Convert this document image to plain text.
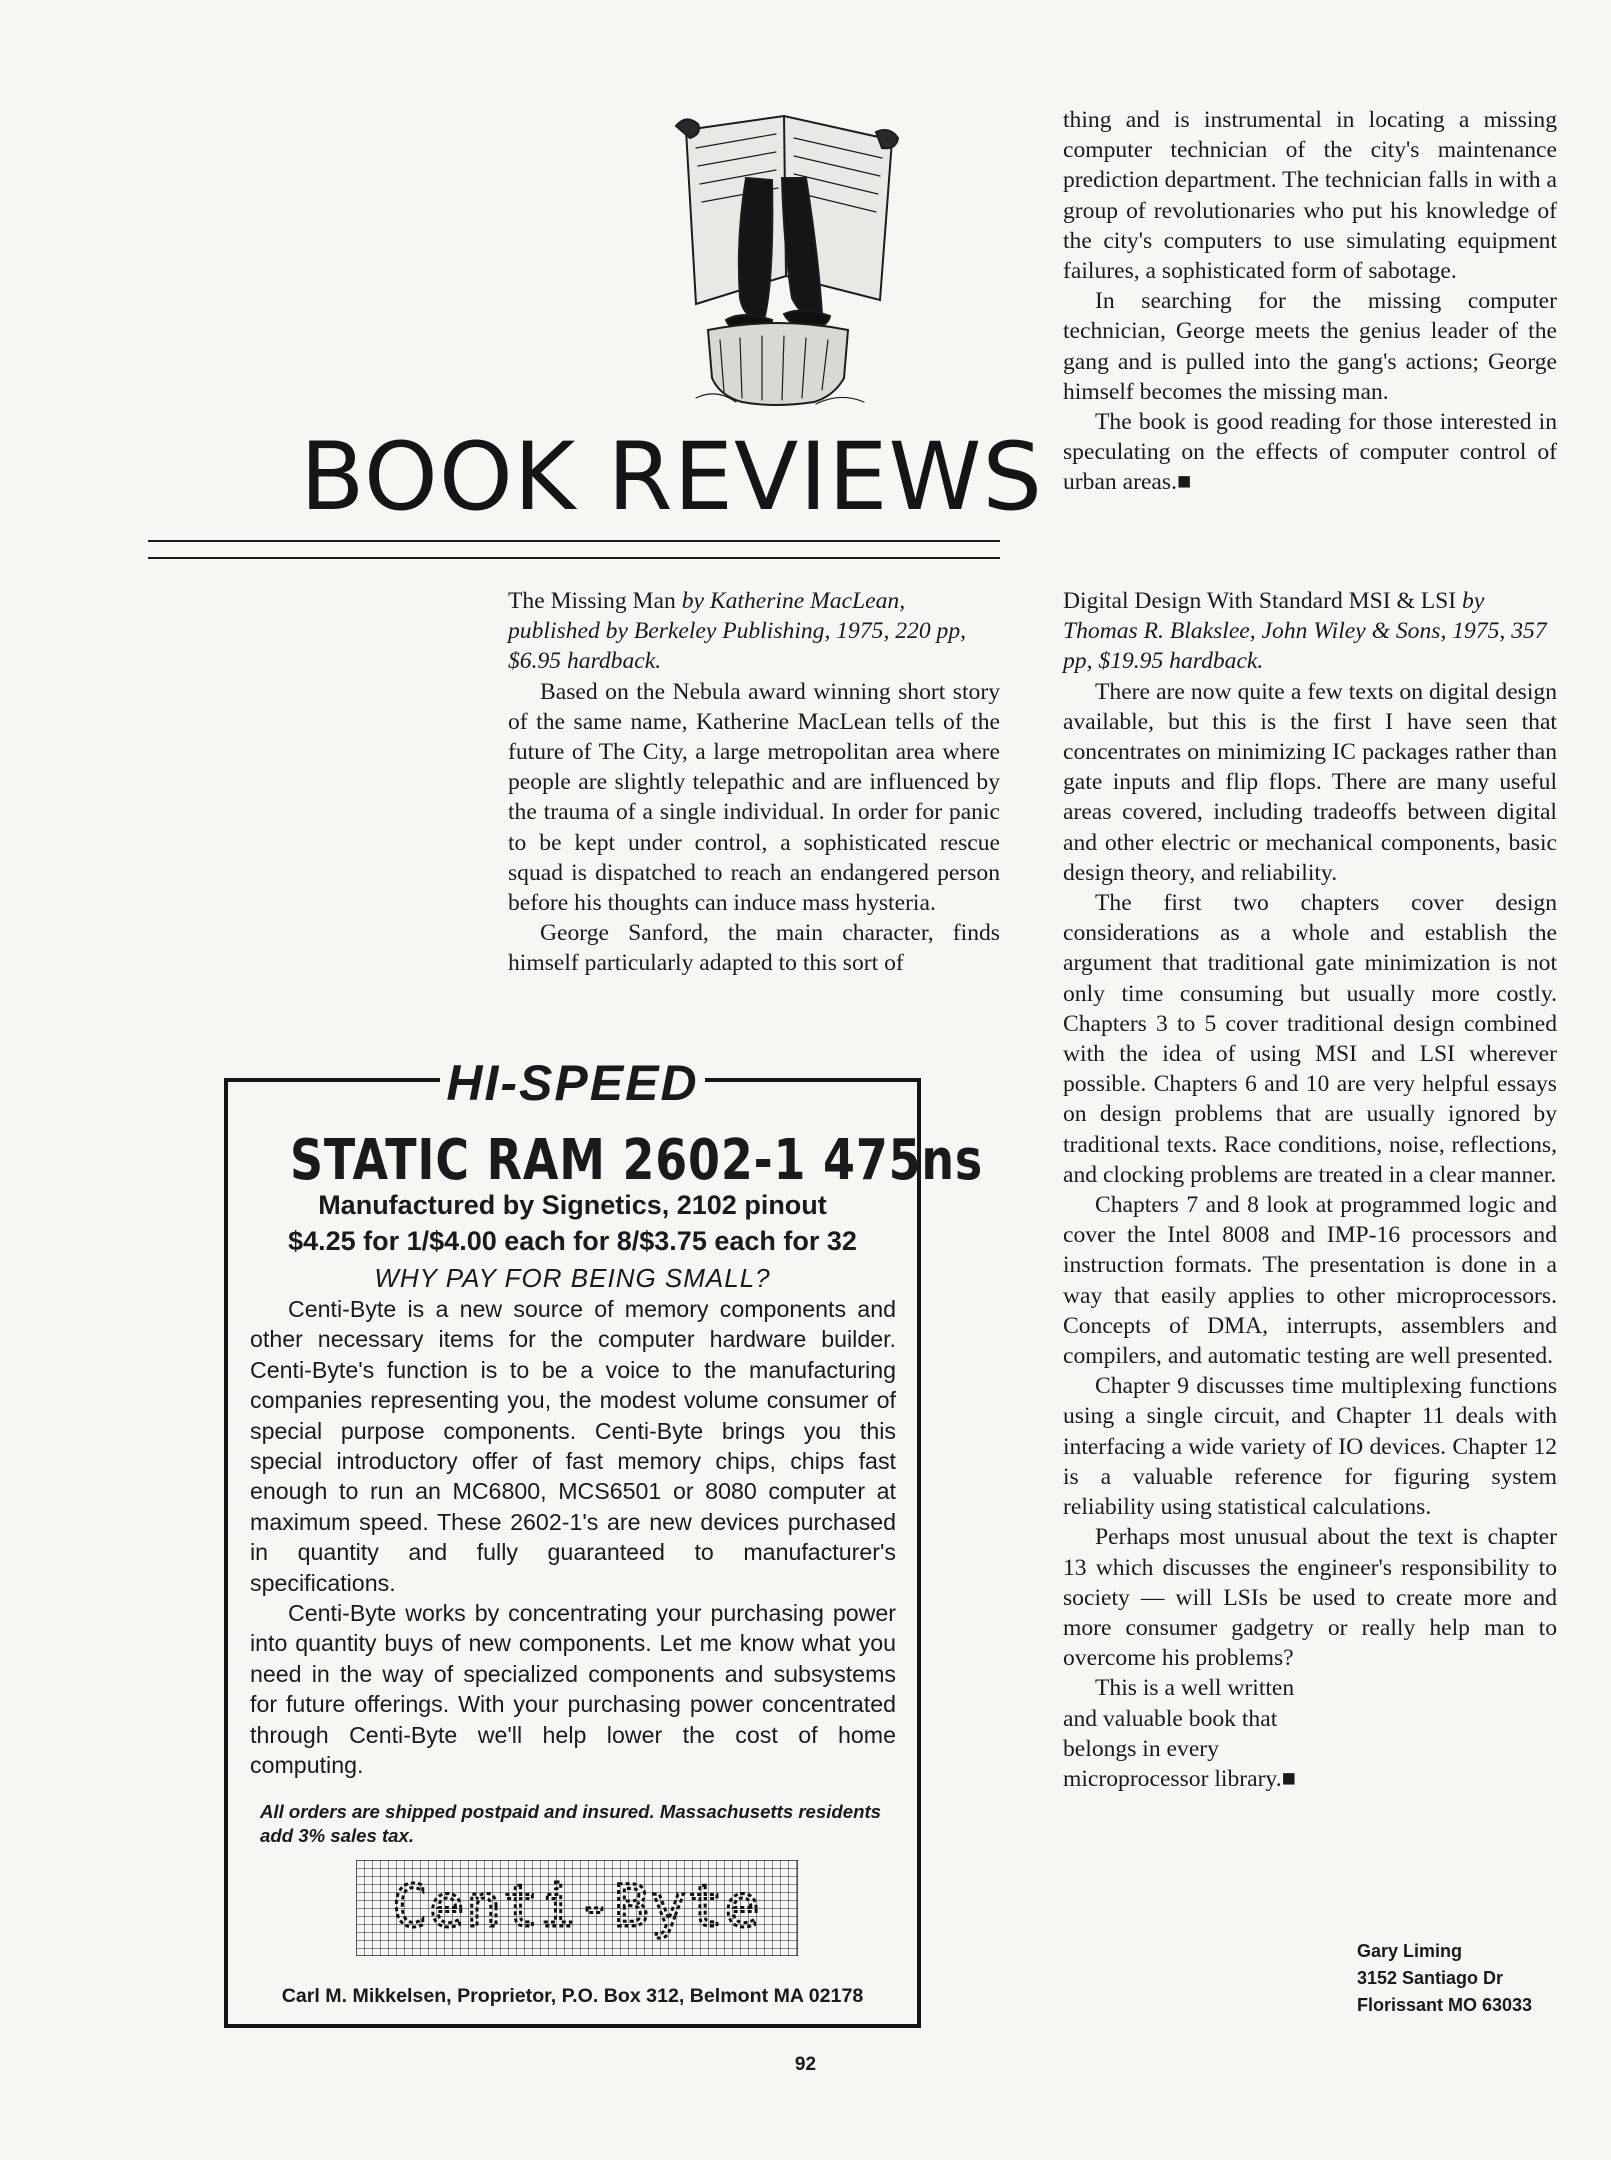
BOOK REVIEWS

The Missing Man by Katherine MacLean, published by Berkeley Publishing, 1975, 220 pp, $6.95 hardback.

Based on the Nebula award winning short story of the same name, Katherine MacLean tells of the future of The City, a large metropolitan area where people are slightly telepathic and are influenced by the trauma of a single individual. In order for panic to be kept under control, a sophisticated rescue squad is dispatched to reach an endangered person before his thoughts can induce mass hysteria.

George Sanford, the main character, finds himself particularly adapted to this sort of

thing and is instrumental in locating a missing computer technician of the city's maintenance prediction department. The technician falls in with a group of revolutionaries who put his knowledge of the city's computers to use simulating equipment failures, a sophisticated form of sabotage.

In searching for the missing computer technician, George meets the genius leader of the gang and is pulled into the gang's actions; George himself becomes the missing man.

The book is good reading for those interested in speculating on the effects of computer control of urban areas.■

Digital Design With Standard MSI & LSI by Thomas R. Blakslee, John Wiley & Sons, 1975, 357 pp, $19.95 hardback.

There are now quite a few texts on digital design available, but this is the first I have seen that concentrates on minimizing IC packages rather than gate inputs and flip flops. There are many useful areas covered, including tradeoffs between digital and other electric or mechanical components, basic design theory, and reliability.

The first two chapters cover design considerations as a whole and establish the argument that traditional gate minimization is not only time consuming but usually more costly. Chapters 3 to 5 cover traditional design combined with the idea of using MSI and LSI wherever possible. Chapters 6 and 10 are very helpful essays on design problems that are usually ignored by traditional texts. Race conditions, noise, reflections, and clocking problems are treated in a clear manner.

Chapters 7 and 8 look at programmed logic and cover the Intel 8008 and IMP-16 processors and instruction formats. The presentation is done in a way that easily applies to other microprocessors. Concepts of DMA, interrupts, assemblers and compilers, and automatic testing are well presented.

Chapter 9 discusses time multiplexing functions using a single circuit, and Chapter 11 deals with interfacing a wide variety of IO devices. Chapter 12 is a valuable reference for figuring system reliability using statistical calculations.

Perhaps most unusual about the text is chapter 13 which discusses the engineer's responsibility to society — will LSIs be used to create more and more consumer gadgetry or really help man to overcome his problems?

This is a well written and valuable book that belongs in every microprocessor library.■

Gary Liming
3152 Santiago Dr
Florissant MO 63033
HI-SPEED
STATIC RAM 2602-1 475ns
Manufactured by Signetics, 2102 pinout
$4.25 for 1/$4.00 each for 8/$3.75 each for 32
WHY PAY FOR BEING SMALL?

Centi-Byte is a new source of memory components and other necessary items for the computer hardware builder. Centi-Byte's function is to be a voice to the manufacturing companies representing you, the modest volume consumer of special purpose components. Centi-Byte brings you this special introductory offer of fast memory chips, chips fast enough to run an MC6800, MCS6501 or 8080 computer at maximum speed. These 2602-1's are new devices purchased in quantity and fully guaranteed to manufacturer's specifications.

Centi-Byte works by concentrating your purchasing power into quantity buys of new components. Let me know what you need in the way of specialized components and subsystems for future offerings. With your purchasing power concentrated through Centi-Byte we'll help lower the cost of home computing.

All orders are shipped postpaid and insured. Massachusetts residents add 3% sales tax.

Centi-Byte
Carl M. Mikkelsen, Proprietor, P.O. Box 312, Belmont MA 02178
92
